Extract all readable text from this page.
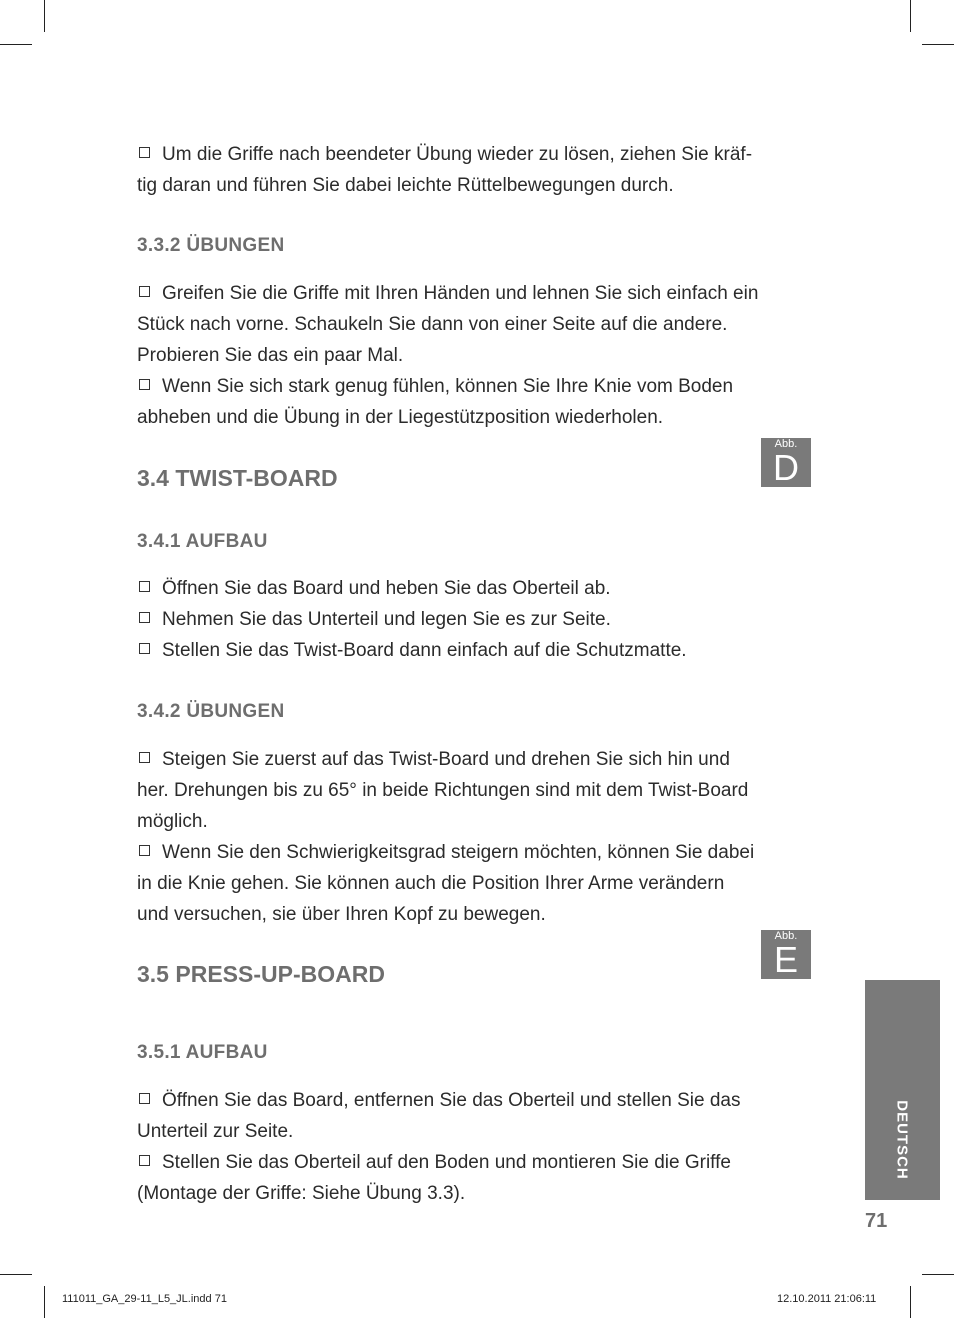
Um die Griffe nach beendeter Übung wieder zu lösen, ziehen Sie kräf-
tig daran und führen Sie dabei leichte Rüttelbewegungen durch.

3.3.2 ÜBUNGEN

Greifen Sie die Griffe mit Ihren Händen und lehnen Sie sich einfach ein
Stück nach vorne. Schaukeln Sie dann von einer Seite auf die andere.
Probieren Sie das ein paar Mal.
Wenn Sie sich stark genug fühlen, können Sie Ihre Knie vom Boden
abheben und die Übung in der Liegestützposition wiederholen.

3.4 TWIST-BOARD
Abb.
D
3.4.1 AUFBAU

Öffnen Sie das Board und heben Sie das Oberteil ab.
Nehmen Sie das Unterteil und legen Sie es zur Seite.
Stellen Sie das Twist-Board dann einfach auf die Schutzmatte.

3.4.2 ÜBUNGEN

Steigen Sie zuerst auf das Twist-Board und drehen Sie sich hin und
her. Drehungen bis zu 65° in beide Richtungen sind mit dem Twist-Board
möglich.
Wenn Sie den Schwierigkeitsgrad steigern möchten, können Sie dabei
in die Knie gehen. Sie können auch die Position Ihrer Arme verändern
und versuchen, sie über Ihren Kopf zu bewegen.

3.5 PRESS-UP-BOARD
Abb.
E
3.5.1 AUFBAU

Öffnen Sie das Board, entfernen Sie das Oberteil und stellen Sie das
Unterteil zur Seite.
Stellen Sie das Oberteil auf den Boden und montieren Sie die Griffe
(Montage der Griffe: Siehe Übung 3.3).

DEUTSCH
71
111011_GA_29-11_L5_JL.indd 71	12.10.2011 21:06:11
